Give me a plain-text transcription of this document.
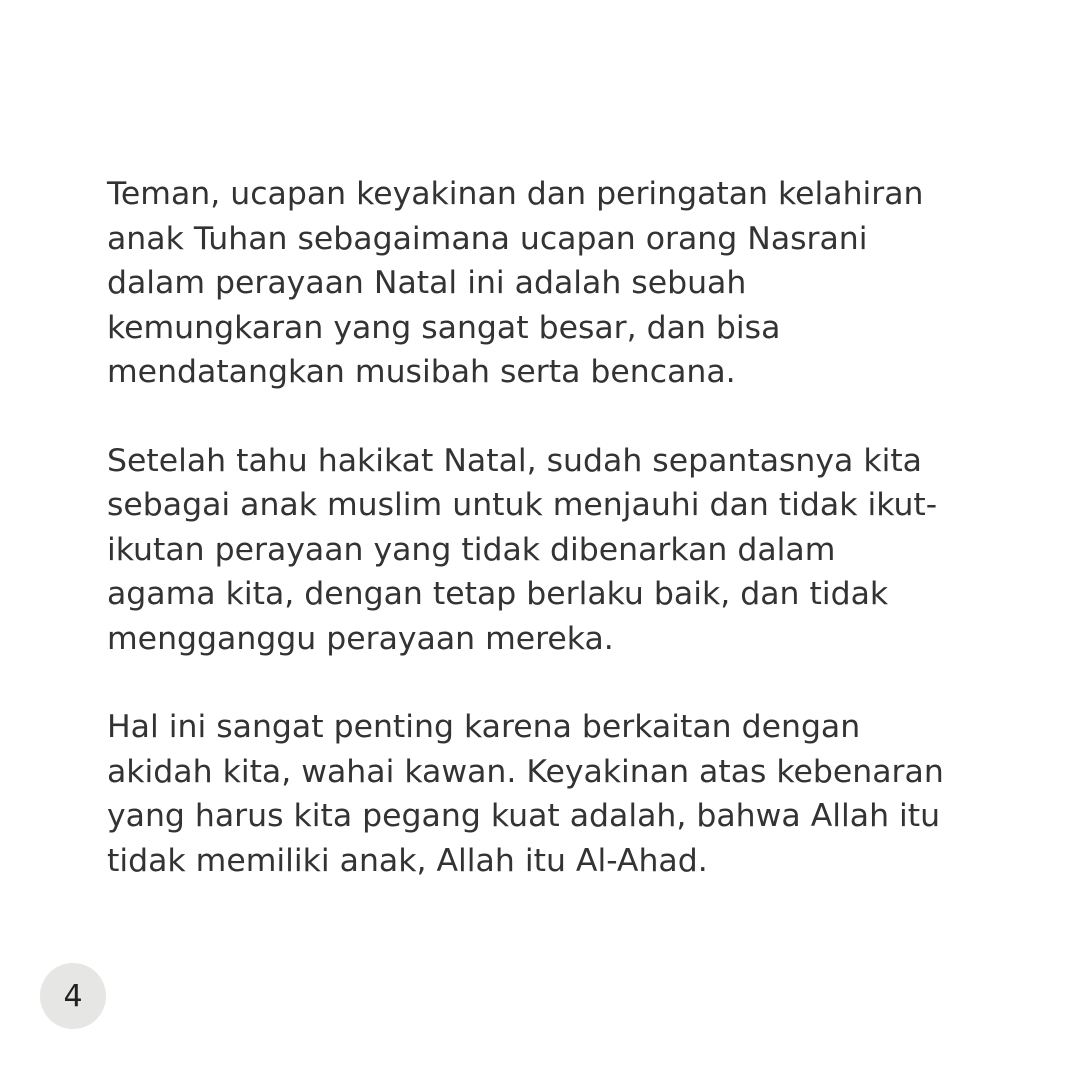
Teman, ucapan keyakinan dan peringatan kelahiran
anak Tuhan sebagaimana ucapan orang Nasrani
dalam perayaan Natal ini adalah sebuah
kemungkaran yang sangat besar, dan bisa
mendatangkan musibah serta bencana.

Setelah tahu hakikat Natal, sudah sepantasnya kita
sebagai anak muslim untuk menjauhi dan tidak ikut-
ikutan perayaan yang tidak dibenarkan dalam
agama kita, dengan tetap berlaku baik, dan tidak
mengganggu perayaan mereka.

Hal ini sangat penting karena berkaitan dengan
akidah kita, wahai kawan. Keyakinan atas kebenaran
yang harus kita pegang kuat adalah, bahwa Allah itu
tidak memiliki anak, Allah itu Al-Ahad.

4
